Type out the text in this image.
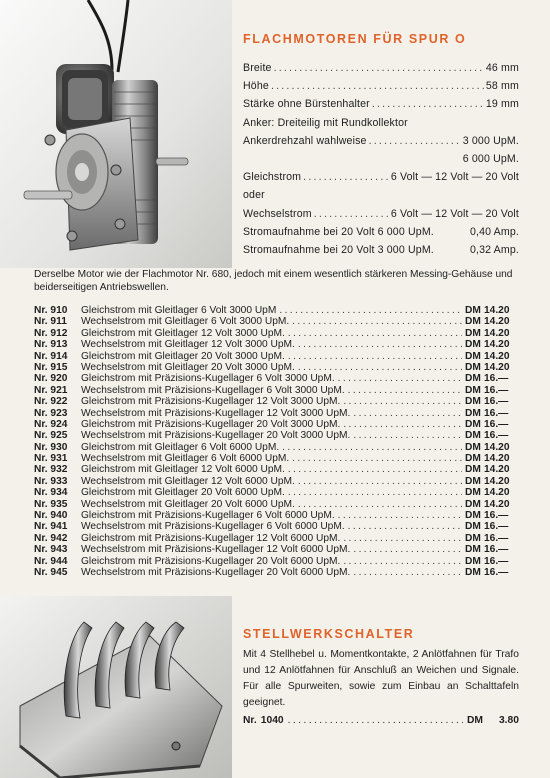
FLACHMOTOREN FÜR SPUR O
Breite .....	46 mm
Höhe .....	58 mm
Stärke ohne Bürstenhalter .....	19 mm
Anker: Dreiteilig mit Rundkollektor
Ankerdrehzahl wahlweise .....	3 000 UpM.
6 000 UpM.
Gleichstrom .....	6 Volt — 12 Volt — 20 Volt
oder
Wechselstrom .....	6 Volt — 12 Volt — 20 Volt
Stromaufnahme bei 20 Volt 6 000 UpM.	0,40 Amp.
Stromaufnahme bei 20 Volt 3 000 UpM.	0,32 Amp.
Derselbe Motor wie der Flachmotor Nr. 680, jedoch mit einem wesentlich stärkeren Messing-Gehäuse und beiderseitigen Antriebswellen.
Nr. 910	Gleichstrom mit Gleitlager 6 Volt 3000 UpM .....	DM 14.20
Nr. 911	Wechselstrom mit Gleitlager 6 Volt 3000 UpM. .....	DM 14.20
Nr. 912	Gleichstrom mit Gleitlager 12 Volt 3000 UpM. .....	DM 14.20
Nr. 913	Wechselstrom mit Gleitlager 12 Volt 3000 UpM. .....	DM 14.20
Nr. 914	Gleichstrom mit Gleitlager 20 Volt 3000 UpM. .....	DM 14.20
Nr. 915	Wechselstrom mit Gleitlager 20 Volt 3000 UpM. .....	DM 14.20
Nr. 920	Gleichstrom mit Präzisions-Kugellager 6 Volt 3000 UpM. .....	DM 16.—
Nr. 921	Wechselstrom mit Präzisions-Kugellager 6 Volt 3000 UpM. .....	DM 16.—
Nr. 922	Gleichstrom mit Präzisions-Kugellager 12 Volt 3000 UpM. .....	DM 16.—
Nr. 923	Wechselstrom mit Präzisions-Kugellager 12 Volt 3000 UpM. .....	DM 16.—
Nr. 924	Gleichstrom mit Präzisions-Kugellager 20 Volt 3000 UpM. .....	DM 16.—
Nr. 925	Wechselstrom mit Präzisions-Kugellager 20 Volt 3000 UpM. .....	DM 16.—
Nr. 930	Gleichstrom mit Gleitlager 6 Volt 6000 UpM. .....	DM 14.20
Nr. 931	Wechselstrom mit Gleitlager 6 Volt 6000 UpM. .....	DM 14.20
Nr. 932	Gleichstrom mit Gleitlager 12 Volt 6000 UpM. .....	DM 14.20
Nr. 933	Wechselstrom mit Gleitlager 12 Volt 6000 UpM. .....	DM 14.20
Nr. 934	Gleichstrom mit Gleitlager 20 Volt 6000 UpM. .....	DM 14.20
Nr. 935	Wechselstrom mit Gleitlager 20 Volt 6000 UpM. .....	DM 14.20
Nr. 940	Gleichstrom mit Präzisions-Kugellager 6 Volt 6000 UpM. .....	DM 16.—
Nr. 941	Wechselstrom mit Präzisions-Kugellager 6 Volt 6000 UpM. .....	DM 16.—
Nr. 942	Gleichstrom mit Präzisions-Kugellager 12 Volt 6000 UpM. .....	DM 16.—
Nr. 943	Wechselstrom mit Präzisions-Kugellager 12 Volt 6000 UpM. .....	DM 16.—
Nr. 944	Gleichstrom mit Präzisions-Kugellager 20 Volt 6000 UpM. .....	DM 16.—
Nr. 945	Wechselstrom mit Präzisions-Kugellager 20 Volt 6000 UpM. .....	DM 16.—
STELLWERKSCHALTER
Mit 4 Stellhebel u. Momentkontakte, 2 Anlötfahnen für Trafo und 12 Anlötfahnen für Anschluß an Weichen und Signale. Für alle Spurweiten, sowie zum Einbau an Schalttafeln geeignet.
Nr. 1040 .....	DM 3.80
